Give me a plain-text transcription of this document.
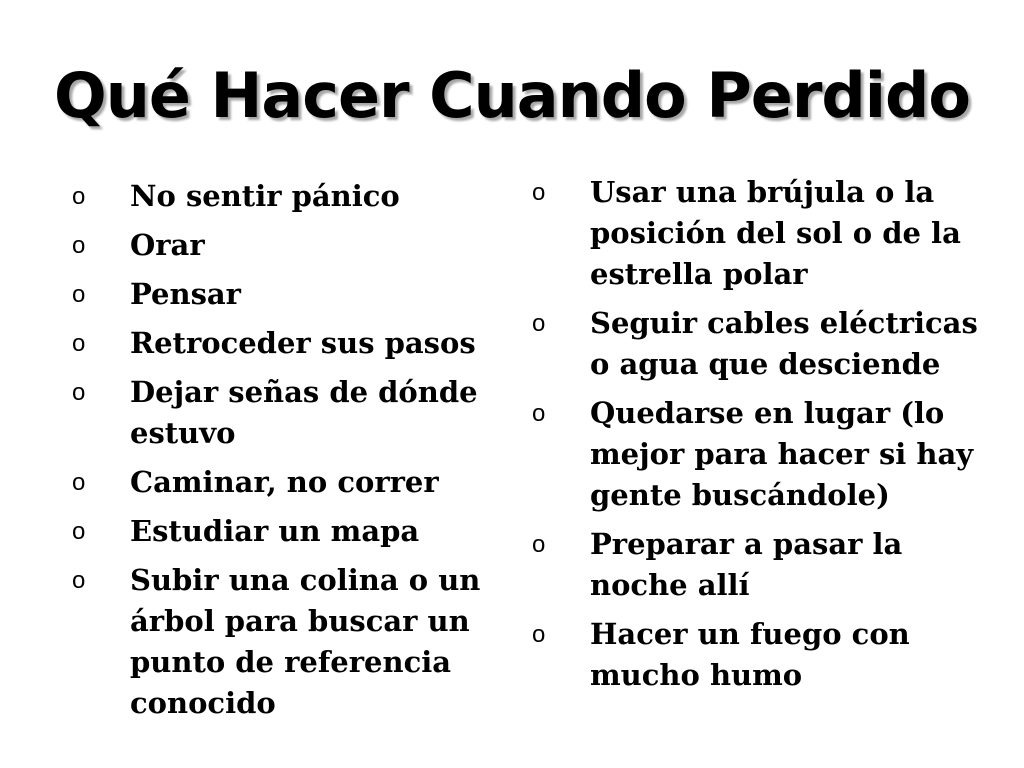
Qué Hacer Cuando Perdido
o No sentir pánico
o Orar
o Pensar
o Retroceder sus pasos
o Dejar señas de dónde estuvo
o Caminar, no correr
o Estudiar un mapa
o Subir una colina o un árbol para buscar un punto de referencia conocido
o Usar una brújula o la posición del sol o de la estrella polar
o Seguir cables eléctricas o agua que desciende
o Quedarse en lugar (lo mejor para hacer si hay gente buscándole)
o Preparar a pasar la noche allí
o Hacer un fuego con mucho humo
